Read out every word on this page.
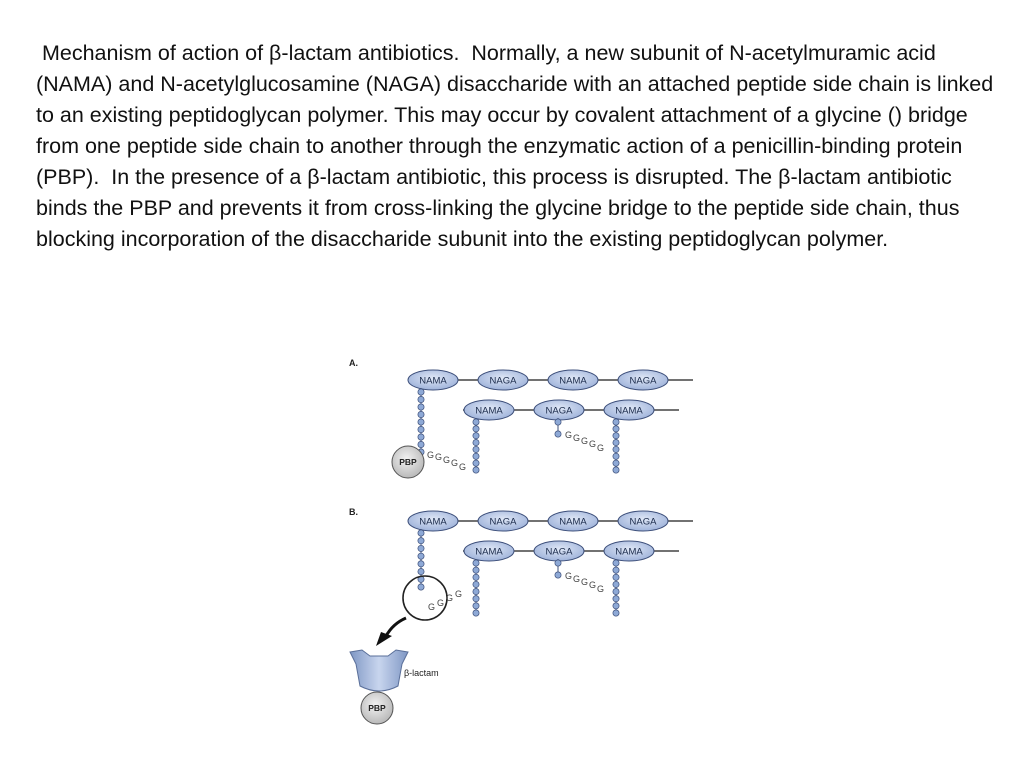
Mechanism of action of β-lactam antibiotics.  Normally, a new subunit of N-acetylmuramic acid (NAMA) and N-acetylglucosamine (NAGA) disaccharide with an attached peptide side chain is linked to an existing peptidoglycan polymer. This may occur by covalent attachment of a glycine () bridge from one peptide side chain to another through the enzymatic action of a penicillin-binding protein (PBP).  In the presence of a β-lactam antibiotic, this process is disrupted. The β-lactam antibiotic binds the PBP and prevents it from cross-linking the glycine bridge to the peptide side chain, thus blocking incorporation of the disaccharide subunit into the existing peptidoglycan polymer.

A.
NAMA	NAGA	NAMA	NAGA
NAMA	NAGA	NAMA
G G G G G
G G G G G
PBP
B.
NAMA	NAGA	NAMA	NAGA
NAMA	NAGA	NAMA
G G G G
G G G G G
β-lactam
PBP
